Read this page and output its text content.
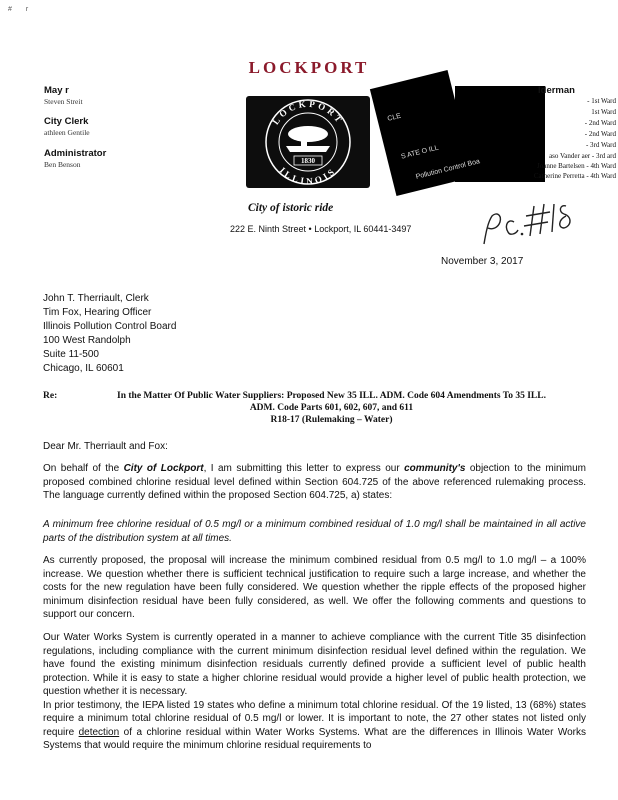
# r
LOCKPORT
May r
Steven Streit
City Clerk
athleen Gentile
Administrator
Ben Benson
LOCKPORT
ILLINOIS
1830
CLE
S ATE O ILL
Pollution Control Boa
lderman
- 1st Ward
1st Ward
- 2nd Ward
- 2nd Ward
- 3rd Ward
aso Vander aer - 3rd ard
Joanne Bartelsen - 4th Ward
Catherine Perretta - 4th Ward
City of istoric ride
222 E. Ninth Street • Lockport, IL 60441-3497
November 3, 2017
John T. Therriault, Clerk
Tim Fox, Hearing Officer
Illinois Pollution Control Board
100 West Randolph
Suite 11-500
Chicago, IL 60601
Re:	In the Matter Of Public Water Suppliers: Proposed New 35 ILL. ADM. Code 604 Amendments To 35 ILL.
ADM. Code Parts 601, 602, 607, and 611
R18-17 (Rulemaking – Water)
Dear Mr. Therriault and Fox:
On behalf of the City of Lockport, I am submitting this letter to express our community's objection to the minimum proposed combined chlorine residual level defined within Section 604.725 of the above referenced rulemaking process. The language currently defined within the proposed Section 604.725, a) states:
A minimum free chlorine residual of 0.5 mg/l or a minimum combined residual of 1.0 mg/l shall be maintained in all active parts of the distribution system at all times.
As currently proposed, the proposal will increase the minimum combined residual from 0.5 mg/l to 1.0 mg/l – a 100% increase. We question whether there is sufficient technical justification to require such a large increase, and whether the costs for the new regulation have been fully considered. We question whether the ripple effects of the proposed higher minimum disinfection residual have been fully considered, as well. We offer the following comments and questions to support our concern.
Our Water Works System is currently operated in a manner to achieve compliance with the current Title 35 disinfection regulations, including compliance with the current minimum disinfection residual level defined within the regulation. We have found the existing minimum disinfection residuals currently defined provide a sufficient level of public health protection. While it is easy to state a higher chlorine residual would provide a higher level of public health protection, we question whether it is necessary.
In prior testimony, the IEPA listed 19 states who define a minimum total chlorine residual. Of the 19 listed, 13 (68%) states require a minimum total chlorine residual of 0.5 mg/l or lower. It is important to note, the 27 other states not listed only require detection of a chlorine residual within Water Works Systems. What are the differences in Illinois Water Works Systems that would require the minimum chlorine residual requirements to
